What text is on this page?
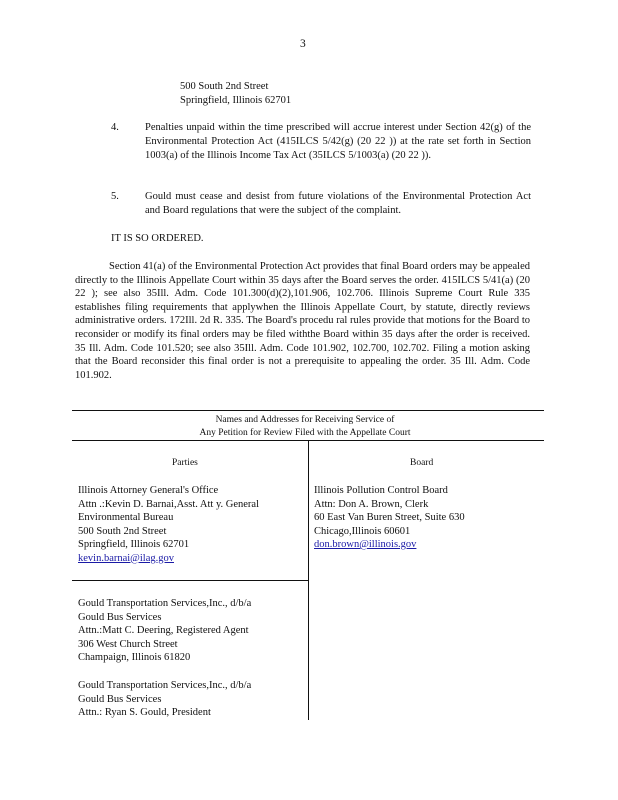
3
500 South 2nd Street
Springfield, Illinois 62701
4. Penalties unpaid within the time prescribed will accrue interest under Section 42(g) of the Environmental Protection Act (415ILCS 5/42(g) (20 22 )) at the rate set forth in Section 1003(a) of the Illinois Income Tax Act (35ILCS 5/1003(a) (20 22 )).
5. Gould must cease and desist from future violations of the Environmental Protection Act and Board regulations that were the subject of the complaint.
IT IS SO ORDERED.
Section 41(a) of the Environmental Protection Act provides that final Board orders may be appealed directly to the Illinois Appellate Court within 35 days after the Board serves the order. 415ILCS 5/41(a) (20 22 ); see also 35Ill. Adm. Code 101.300(d)(2),101.906, 102.706. Illinois Supreme Court Rule 335 establishes filing requirements that applywhen the Illinois Appellate Court, by statute, directly reviews administrative orders. 172Ill. 2d R. 335. The Board's procedu ral rules provide that motions for the Board to reconsider or modify its final orders may be filed withthe Board within 35 days after the order is received. 35 Ill. Adm. Code 101.520; see also 35Ill. Adm. Code 101.902, 102.700, 102.702. Filing a motion asking that the Board reconsider this final order is not a prerequisite to appealing the order. 35 Ill. Adm. Code 101.902.
Names and Addresses for Receiving Service of
Any Petition for Review Filed with the Appellate Court
Parties	Board
Illinois Attorney General's Office
Attn .:Kevin D. Barnai,Asst. Att y. General
Environmental Bureau
500 South 2nd Street
Springfield, Illinois 62701
kevin.barnai@ilag.gov
Illinois Pollution Control Board
Attn: Don A. Brown, Clerk
60 East Van Buren Street, Suite 630
Chicago,Illinois 60601
don.brown@illinois.gov
Gould Transportation Services,Inc., d/b/a
Gould Bus Services
Attn.:Matt C. Deering, Registered Agent
306 West Church Street
Champaign, Illinois 61820
Gould Transportation Services,Inc., d/b/a
Gould Bus Services
Attn.: Ryan S. Gould, President
